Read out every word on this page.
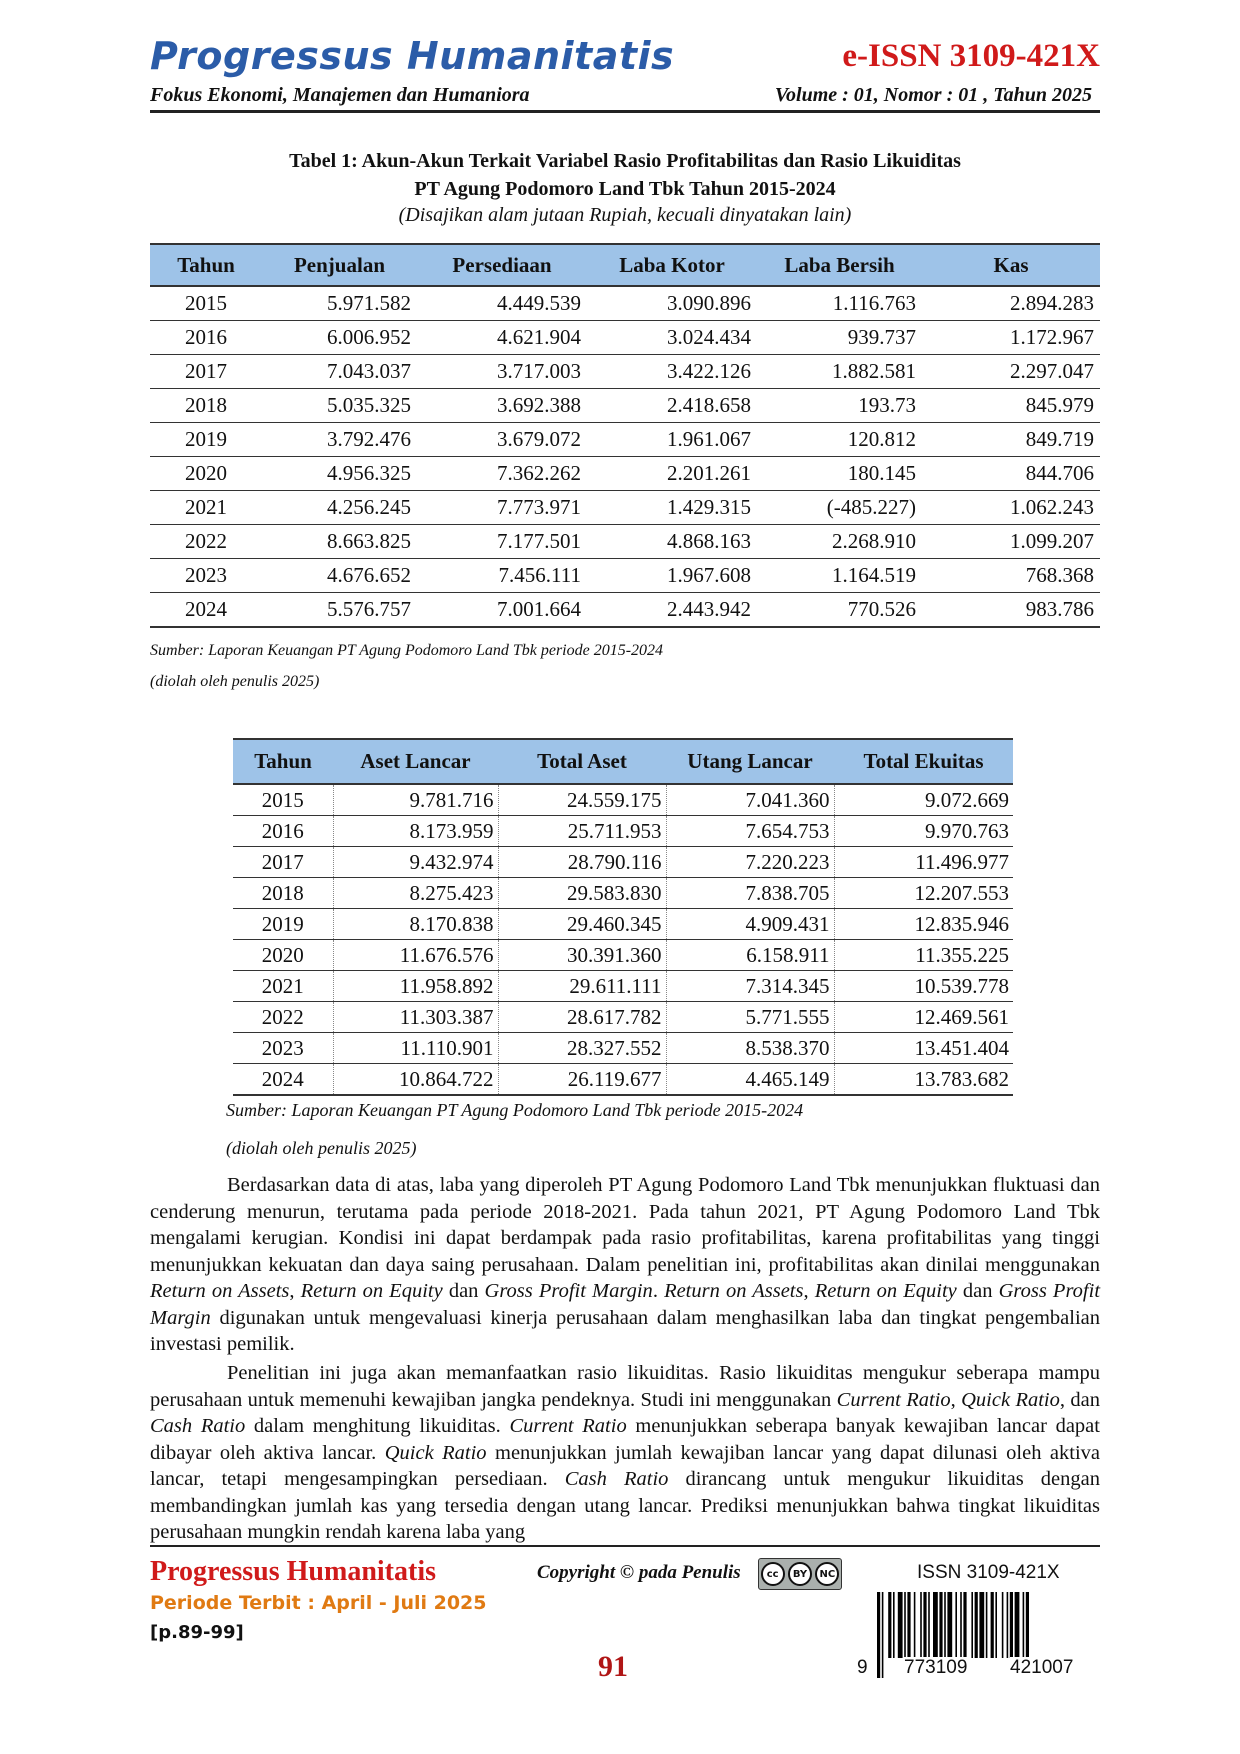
Progressus Humanitatis	e-ISSN 3109-421X
Fokus Ekonomi, Manajemen dan Humaniora	Volume : 01, Nomor : 01 , Tahun 2025
Tabel 1: Akun-Akun Terkait Variabel Rasio Profitabilitas dan Rasio Likuiditas
PT Agung Podomoro Land Tbk Tahun 2015-2024
(Disajikan alam jutaan Rupiah, kecuali dinyatakan lain)
Tahun	Penjualan	Persediaan	Laba Kotor	Laba Bersih	Kas
2015	5.971.582	4.449.539	3.090.896	1.116.763	2.894.283
2016	6.006.952	4.621.904	3.024.434	939.737	1.172.967
2017	7.043.037	3.717.003	3.422.126	1.882.581	2.297.047
2018	5.035.325	3.692.388	2.418.658	193.73	845.979
2019	3.792.476	3.679.072	1.961.067	120.812	849.719
2020	4.956.325	7.362.262	2.201.261	180.145	844.706
2021	4.256.245	7.773.971	1.429.315	(-485.227)	1.062.243
2022	8.663.825	7.177.501	4.868.163	2.268.910	1.099.207
2023	4.676.652	7.456.111	1.967.608	1.164.519	768.368
2024	5.576.757	7.001.664	2.443.942	770.526	983.786
Sumber: Laporan Keuangan PT Agung Podomoro Land Tbk periode 2015-2024
(diolah oleh penulis 2025)
Tahun	Aset Lancar	Total Aset	Utang Lancar	Total Ekuitas
2015	9.781.716	24.559.175	7.041.360	9.072.669
2016	8.173.959	25.711.953	7.654.753	9.970.763
2017	9.432.974	28.790.116	7.220.223	11.496.977
2018	8.275.423	29.583.830	7.838.705	12.207.553
2019	8.170.838	29.460.345	4.909.431	12.835.946
2020	11.676.576	30.391.360	6.158.911	11.355.225
2021	11.958.892	29.611.111	7.314.345	10.539.778
2022	11.303.387	28.617.782	5.771.555	12.469.561
2023	11.110.901	28.327.552	8.538.370	13.451.404
2024	10.864.722	26.119.677	4.465.149	13.783.682
Sumber: Laporan Keuangan PT Agung Podomoro Land Tbk periode 2015-2024
(diolah oleh penulis 2025)

Berdasarkan data di atas, laba yang diperoleh PT Agung Podomoro Land Tbk menunjukkan fluktuasi dan cenderung menurun, terutama pada periode 2018-2021. Pada tahun 2021, PT Agung Podomoro Land Tbk mengalami kerugian. Kondisi ini dapat berdampak pada rasio profitabilitas, karena profitabilitas yang tinggi menunjukkan kekuatan dan daya saing perusahaan. Dalam penelitian ini, profitabilitas akan dinilai menggunakan Return on Assets, Return on Equity dan Gross Profit Margin. Return on Assets, Return on Equity dan Gross Profit Margin digunakan untuk mengevaluasi kinerja perusahaan dalam menghasilkan laba dan tingkat pengembalian investasi pemilik.

Penelitian ini juga akan memanfaatkan rasio likuiditas. Rasio likuiditas mengukur seberapa mampu perusahaan untuk memenuhi kewajiban jangka pendeknya. Studi ini menggunakan Current Ratio, Quick Ratio, dan Cash Ratio dalam menghitung likuiditas. Current Ratio menunjukkan seberapa banyak kewajiban lancar dapat dibayar oleh aktiva lancar. Quick Ratio menunjukkan jumlah kewajiban lancar yang dapat dilunasi oleh aktiva lancar, tetapi mengesampingkan persediaan. Cash Ratio dirancang untuk mengukur likuiditas dengan membandingkan jumlah kas yang tersedia dengan utang lancar. Prediksi menunjukkan bahwa tingkat likuiditas perusahaan mungkin rendah karena laba yang

Progressus Humanitatis
Periode Terbit : April - Juli 2025
[p.89-99]
Copyright © pada Penulis	cc	BY	NC
91
ISSN 3109-421X
9 773109 421007
